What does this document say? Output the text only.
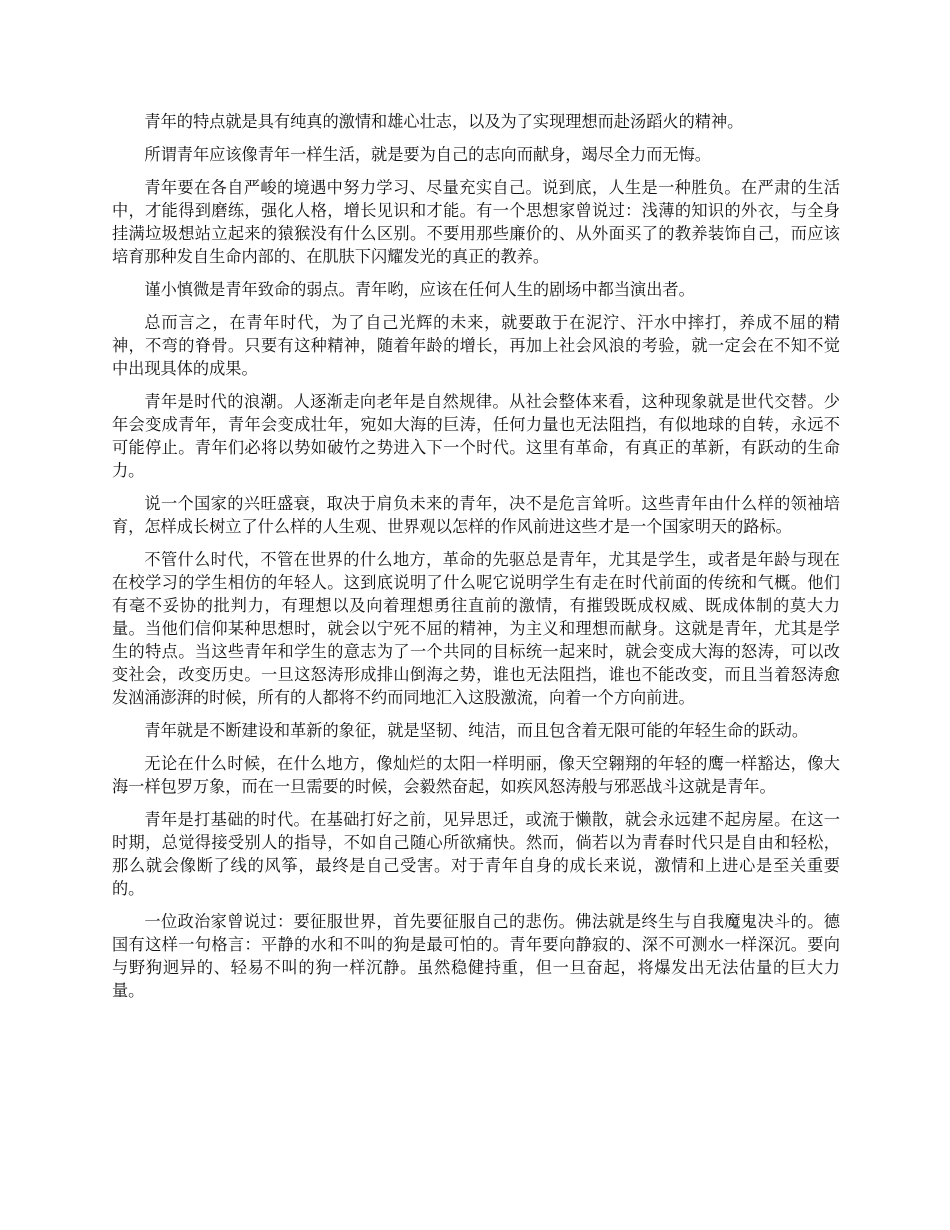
青年的特点就是具有纯真的激情和雄心壮志，以及为了实现理想而赴汤蹈火的精神。

所谓青年应该像青年一样生活，就是要为自己的志向而献身，竭尽全力而无悔。

青年要在各自严峻的境遇中努力学习、尽量充实自己。说到底，人生是一种胜负。在严肃的生活中，才能得到磨练，强化人格，增长见识和才能。有一个思想家曾说过：浅薄的知识的外衣，与全身挂满垃圾想站立起来的猿猴没有什么区别。不要用那些廉价的、从外面买了的教养装饰自己，而应该培育那种发自生命内部的、在肌肤下闪耀发光的真正的教养。

谨小慎微是青年致命的弱点。青年哟，应该在任何人生的剧场中都当演出者。

总而言之，在青年时代，为了自己光辉的未来，就要敢于在泥泞、汗水中摔打，养成不屈的精神，不弯的脊骨。只要有这种精神，随着年龄的增长，再加上社会风浪的考验，就一定会在不知不觉中出现具体的成果。

青年是时代的浪潮。人逐渐走向老年是自然规律。从社会整体来看，这种现象就是世代交替。少年会变成青年，青年会变成壮年，宛如大海的巨涛，任何力量也无法阻挡，有似地球的自转，永远不可能停止。青年们必将以势如破竹之势进入下一个时代。这里有革命，有真正的革新，有跃动的生命力。

说一个国家的兴旺盛衰，取决于肩负未来的青年，决不是危言耸听。这些青年由什么样的领袖培育，怎样成长树立了什么样的人生观、世界观以怎样的作风前进这些才是一个国家明天的路标。

不管什么时代，不管在世界的什么地方，革命的先驱总是青年，尤其是学生，或者是年龄与现在在校学习的学生相仿的年轻人。这到底说明了什么呢它说明学生有走在时代前面的传统和气概。他们有毫不妥协的批判力，有理想以及向着理想勇往直前的激情，有摧毁既成权威、既成体制的莫大力量。当他们信仰某种思想时，就会以宁死不屈的精神，为主义和理想而献身。这就是青年，尤其是学生的特点。当这些青年和学生的意志为了一个共同的目标统一起来时，就会变成大海的怒涛，可以改变社会，改变历史。一旦这怒涛形成排山倒海之势，谁也无法阻挡，谁也不能改变，而且当着怒涛愈发汹涌澎湃的时候，所有的人都将不约而同地汇入这股激流，向着一个方向前进。

青年就是不断建设和革新的象征，就是坚韧、纯洁，而且包含着无限可能的年轻生命的跃动。

无论在什么时候，在什么地方，像灿烂的太阳一样明丽，像天空翱翔的年轻的鹰一样豁达，像大海一样包罗万象，而在一旦需要的时候，会毅然奋起，如疾风怒涛般与邪恶战斗这就是青年。

青年是打基础的时代。在基础打好之前，见异思迁，或流于懒散，就会永远建不起房屋。在这一时期，总觉得接受别人的指导，不如自己随心所欲痛快。然而，倘若以为青春时代只是自由和轻松，那么就会像断了线的风筝，最终是自己受害。对于青年自身的成长来说，激情和上进心是至关重要的。

一位政治家曾说过：要征服世界，首先要征服自己的悲伤。佛法就是终生与自我魔鬼决斗的。德国有这样一句格言：平静的水和不叫的狗是最可怕的。青年要向静寂的、深不可测水一样深沉。要向与野狗迥异的、轻易不叫的狗一样沉静。虽然稳健持重，但一旦奋起，将爆发出无法估量的巨大力量。
